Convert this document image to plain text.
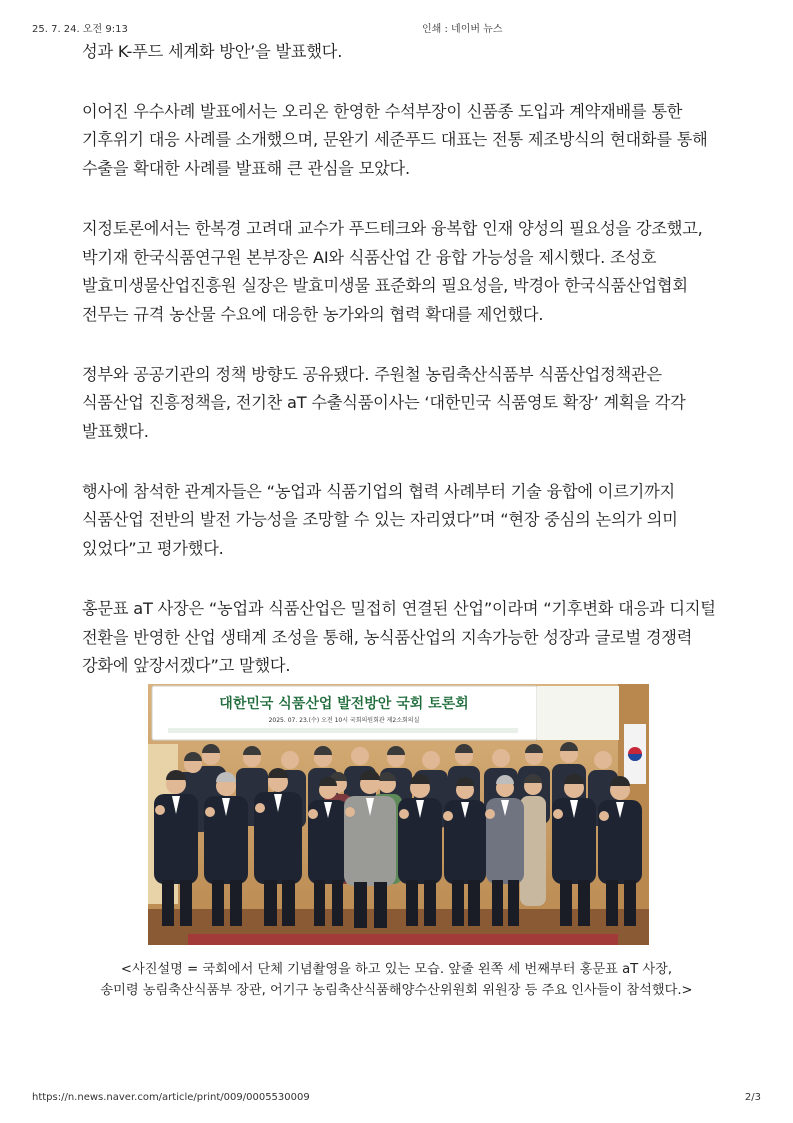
25. 7. 24. 오전 9:13	인쇄 : 네이버 뉴스

성과 K-푸드 세계화 방안’을 발표했다.

이어진 우수사례 발표에서는 오리온 한영한 수석부장이 신품종 도입과 계약재배를 통한 기후위기 대응 사례를 소개했으며, 문완기 세준푸드 대표는 전통 제조방식의 현대화를 통해 수출을 확대한 사례를 발표해 큰 관심을 모았다.

지정토론에서는 한복경 고려대 교수가 푸드테크와 융복합 인재 양성의 필요성을 강조했고, 박기재 한국식품연구원 본부장은 AI와 식품산업 간 융합 가능성을 제시했다. 조성호 발효미생물산업진흥원 실장은 발효미생물 표준화의 필요성을, 박경아 한국식품산업협회 전무는 규격 농산물 수요에 대응한 농가와의 협력 확대를 제언했다.

정부와 공공기관의 정책 방향도 공유됐다. 주원철 농림축산식품부 식품산업정책관은 식품산업 진흥정책을, 전기찬 aT 수출식품이사는 ‘대한민국 식품영토 확장’ 계획을 각각 발표했다.

행사에 참석한 관계자들은 “농업과 식품기업의 협력 사례부터 기술 융합에 이르기까지 식품산업 전반의 발전 가능성을 조망할 수 있는 자리였다”며 “현장 중심의 논의가 의미 있었다”고 평가했다.

홍문표 aT 사장은 “농업과 식품산업은 밀접히 연결된 산업”이라며 “기후변화 대응과 디지털 전환을 반영한 산업 생태계 조성을 통해, 농식품산업의 지속가능한 성장과 글로벌 경쟁력 강화에 앞장서겠다”고 말했다.

대한민국 식품산업 발전방안 국회 토론회
2025. 07. 23.(수) 오전 10시 국회의원회관 제2소회의실
<사진설명 = 국회에서 단체 기념촬영을 하고 있는 모습. 앞줄 왼쪽 세 번째부터 홍문표 aT 사장, 송미령 농림축산식품부 장관, 어기구 농림축산식품해양수산위원회 위원장 등 주요 인사들이 참석했다.>
https://n.news.naver.com/article/print/009/0005530009	2/3
